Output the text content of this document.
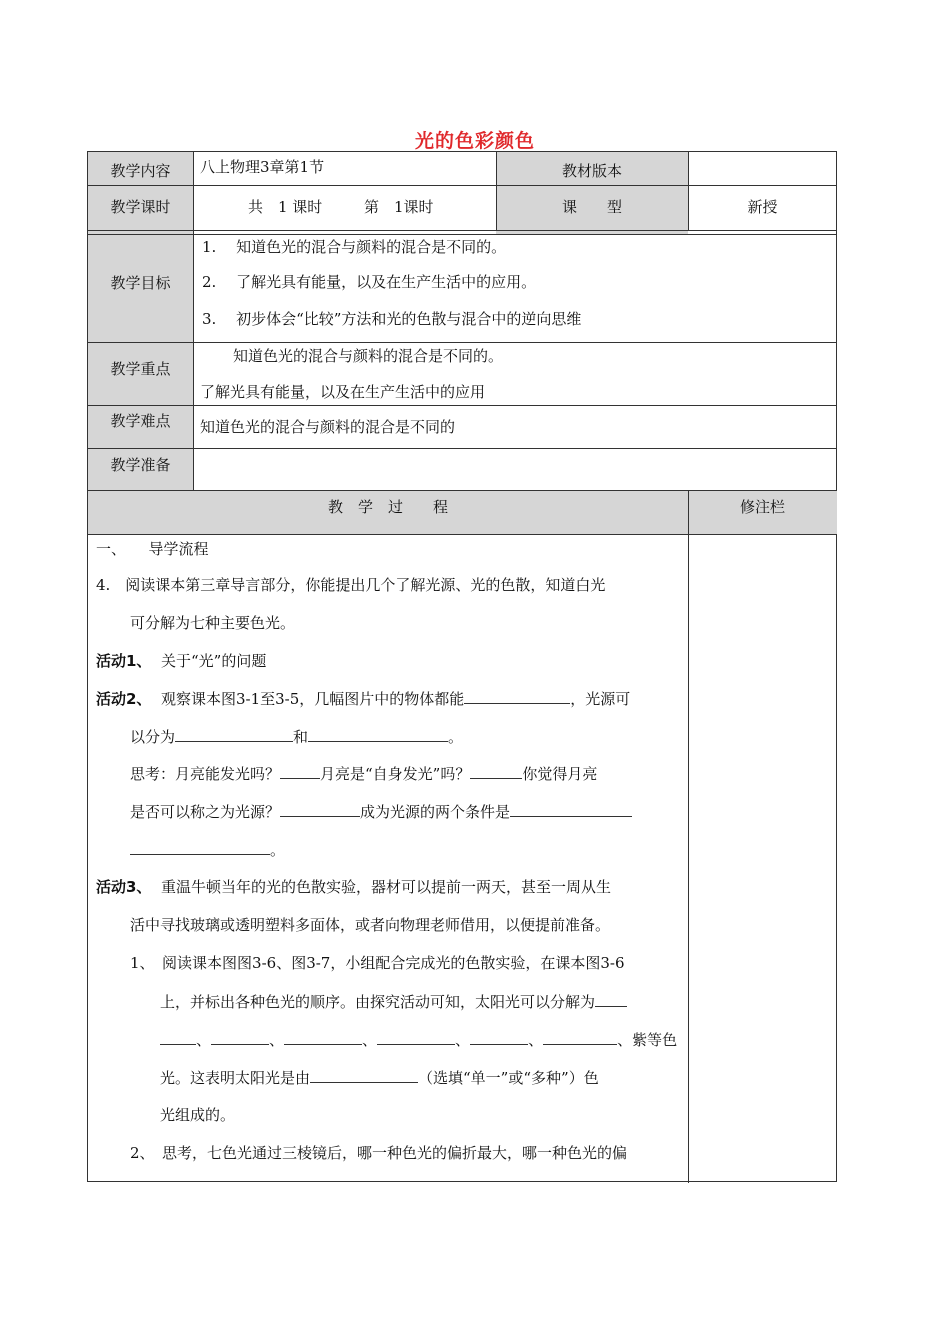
光的色彩颜色
教学内容	八上物理3章第1节	教材版本
教学课时	共　1 课时	第　1课时	课　　型	新授
教学目标
1.　 知道色光的混合与颜料的混合是不同的。
2.　 了解光具有能量，以及在生产生活中的应用。
3.　 初步体会“比较”方法和光的色散与混合中的逆向思维
教学重点
知道色光的混合与颜料的混合是不同的。
了解光具有能量，以及在生产生活中的应用
教学难点	知道色光的混合与颜料的混合是不同的
教学准备
教　学　过　　程	修注栏
一、　　导学流程
4.　阅读课本第三章导言部分，你能提出几个了解光源、光的色散，知道白光
可分解为七种主要色光。
活动1、 关于“光”的问题
活动2、 观察课本图3-1至3-5，几幅图片中的物体都能	，光源可
以分为	和	。
思考：月亮能发光吗？	月亮是“自身发光”吗？	你觉得月亮
是否可以称之为光源？	成为光源的两个条件是
。
活动3、 重温牛顿当年的光的色散实验，器材可以提前一两天，甚至一周从生
活中寻找玻璃或透明塑料多面体，或者向物理老师借用，以便提前准备。
1、　阅读课本图图3-6、图3-7，小组配合完成光的色散实验，在课本图3-6
上，并标出各种色光的顺序。由探究活动可知，太阳光可以分解为
、	、	、	、	、	、紫等色
光。这表明太阳光是由	（选填“单一”或“多种”）色
光组成的。
2、　思考，七色光通过三棱镜后，哪一种色光的偏折最大，哪一种色光的偏
